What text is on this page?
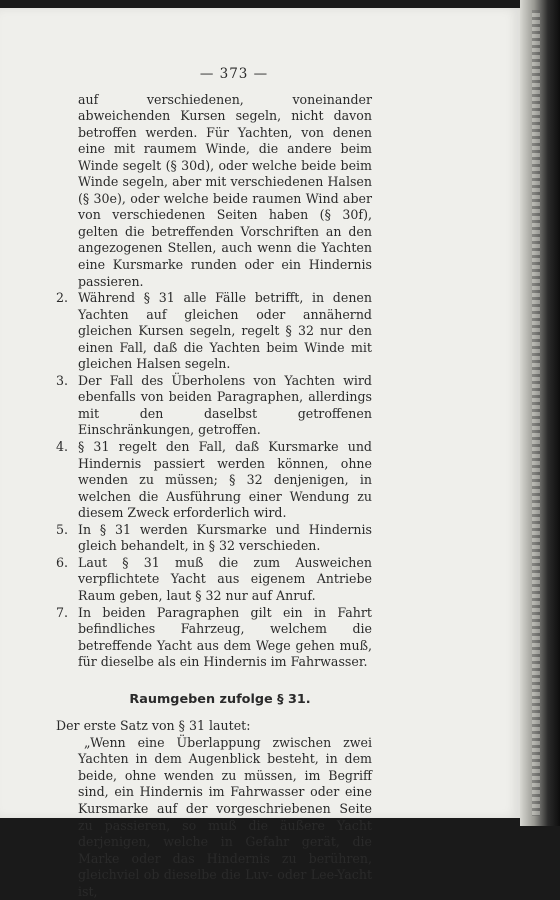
— 373 —

auf verschiedenen, voneinander abweichenden Kursen segeln, nicht davon betroffen werden. Für Yachten, von denen eine mit raumem Winde, die andere beim Winde segelt (§ 30d), oder welche beide beim Winde segeln, aber mit verschiedenen Halsen (§ 30e), oder welche beide raumen Wind aber von verschiedenen Seiten haben (§ 30f), gelten die betreffenden Vorschriften an den angezogenen Stellen, auch wenn die Yachten eine Kursmarke runden oder ein Hindernis passieren.

2. Während § 31 alle Fälle betrifft, in denen Yachten auf gleichen oder annähernd gleichen Kursen segeln, regelt § 32 nur den einen Fall, daß die Yachten beim Winde mit gleichen Halsen segeln.
3. Der Fall des Überholens von Yachten wird ebenfalls von beiden Paragraphen, allerdings mit den daselbst getroffenen Einschränkungen, getroffen.
4. § 31 regelt den Fall, daß Kursmarke und Hindernis passiert werden können, ohne wenden zu müssen; § 32 denjenigen, in welchen die Ausführung einer Wendung zu diesem Zweck erforderlich wird.
5. In § 31 werden Kursmarke und Hindernis gleich behandelt, in § 32 verschieden.
6. Laut § 31 muß die zum Ausweichen verpflichtete Yacht aus eigenem Antriebe Raum geben, laut § 32 nur auf Anruf.
7. In beiden Paragraphen gilt ein in Fahrt befindliches Fahrzeug, welchem die betreffende Yacht aus dem Wege gehen muß, für dieselbe als ein Hindernis im Fahrwasser.
Raumgeben zufolge § 31.

Der erste Satz von § 31 lautet:

„Wenn eine Überlappung zwischen zwei Yachten in dem Augenblick besteht, in dem beide, ohne wenden zu müssen, im Begriff sind, ein Hindernis im Fahrwasser oder eine Kursmarke auf der vorgeschriebenen Seite zu passieren, so muß die äußere Yacht derjenigen, welche in Gefahr gerät, die Marke oder das Hindernis zu berühren, gleichviel ob dieselbe die Luv- oder Lee-Yacht ist,
